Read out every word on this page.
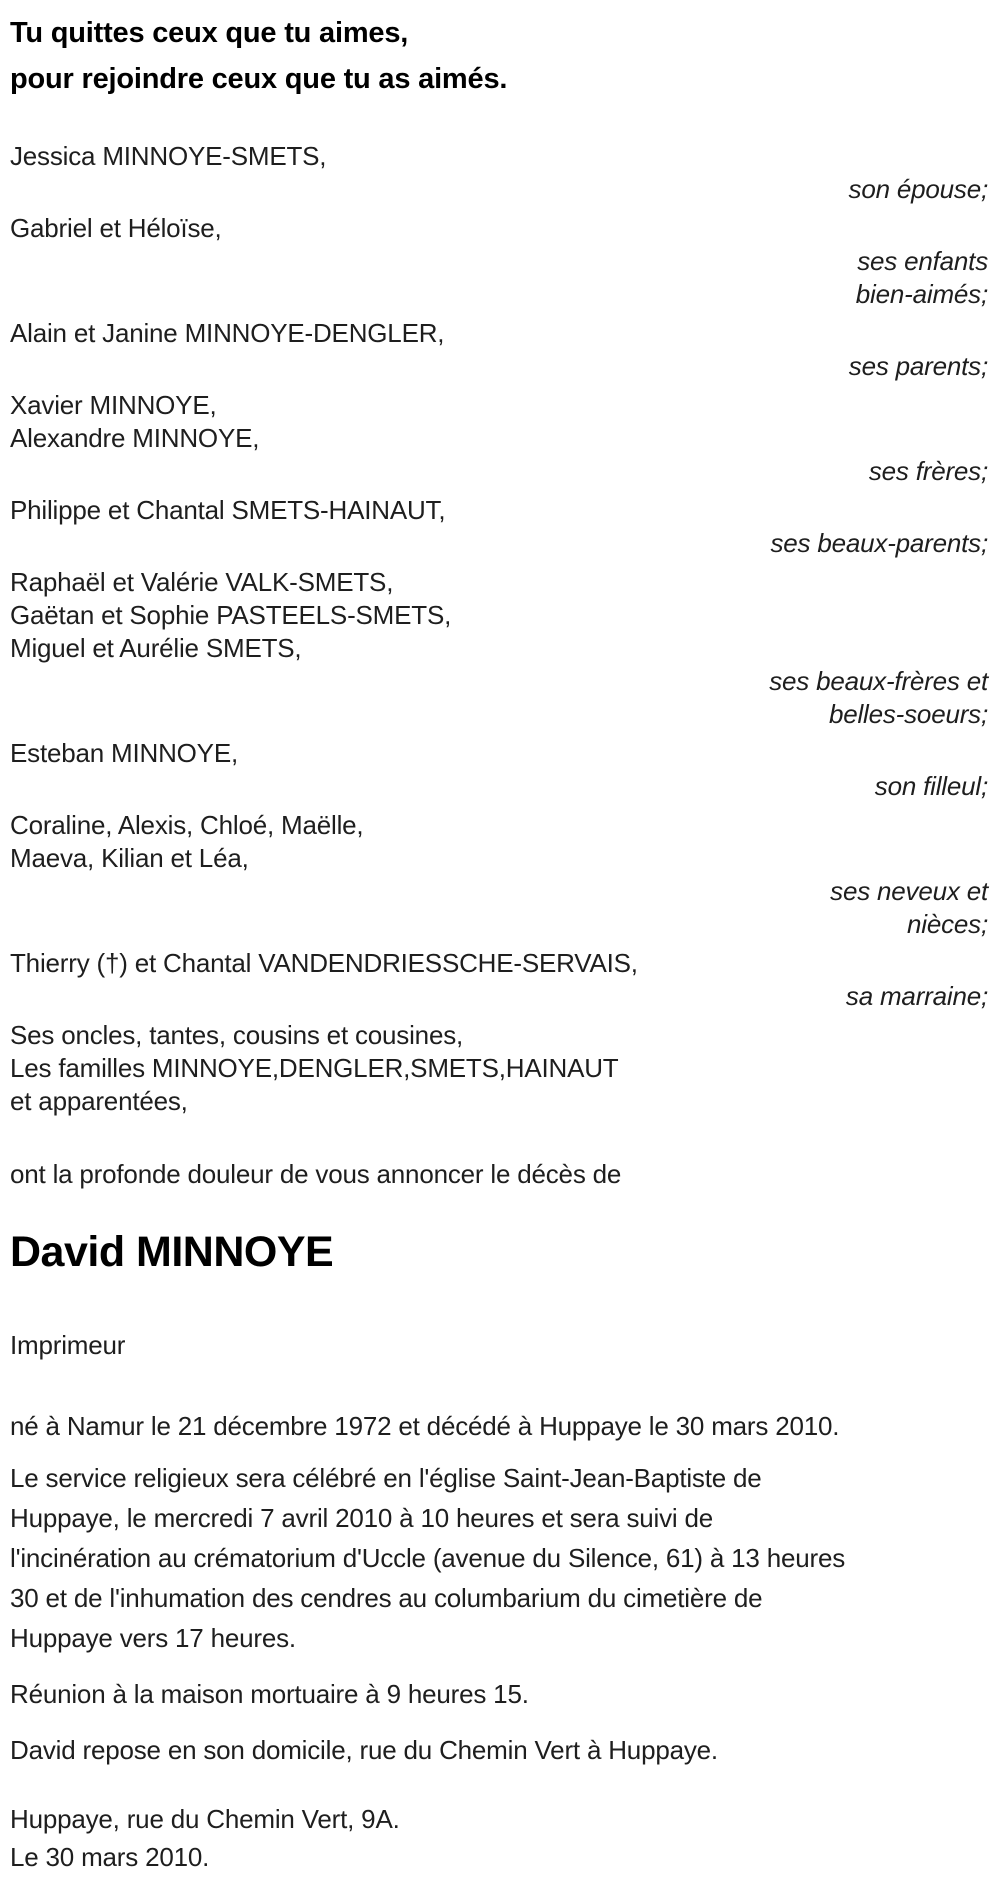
Tu quittes ceux que tu aimes,
pour rejoindre ceux que tu as aimés.
Jessica MINNOYE-SMETS,
son épouse;
Gabriel et Héloïse,
ses enfants
bien-aimés;
Alain et Janine MINNOYE-DENGLER,
ses parents;
Xavier MINNOYE,
Alexandre MINNOYE,
ses frères;
Philippe et Chantal SMETS-HAINAUT,
ses beaux-parents;
Raphaël et Valérie VALK-SMETS,
Gaëtan et Sophie PASTEELS-SMETS,
Miguel et Aurélie SMETS,
ses beaux-frères et
belles-soeurs;
Esteban MINNOYE,
son filleul;
Coraline, Alexis, Chloé, Maëlle,
Maeva, Kilian et Léa,
ses neveux et
nièces;
Thierry (†) et Chantal VANDENDRIESSCHE-SERVAIS,
sa marraine;
Ses oncles, tantes, cousins et cousines,
Les familles MINNOYE,DENGLER,SMETS,HAINAUT
et apparentées,
ont la profonde douleur de vous annoncer le décès de
David MINNOYE
Imprimeur
né à Namur le 21 décembre 1972 et décédé à Huppaye le 30 mars 2010.
Le service religieux sera célébré en l'église Saint-Jean-Baptiste de
Huppaye, le mercredi 7 avril 2010 à 10 heures et sera suivi de
l'incinération au crématorium d'Uccle (avenue du Silence, 61) à 13 heures
30 et de l'inhumation des cendres au columbarium du cimetière de
Huppaye vers 17 heures.
Réunion à la maison mortuaire à 9 heures 15.
David repose en son domicile, rue du Chemin Vert à Huppaye.
Huppaye, rue du Chemin Vert, 9A.
Le 30 mars 2010.
